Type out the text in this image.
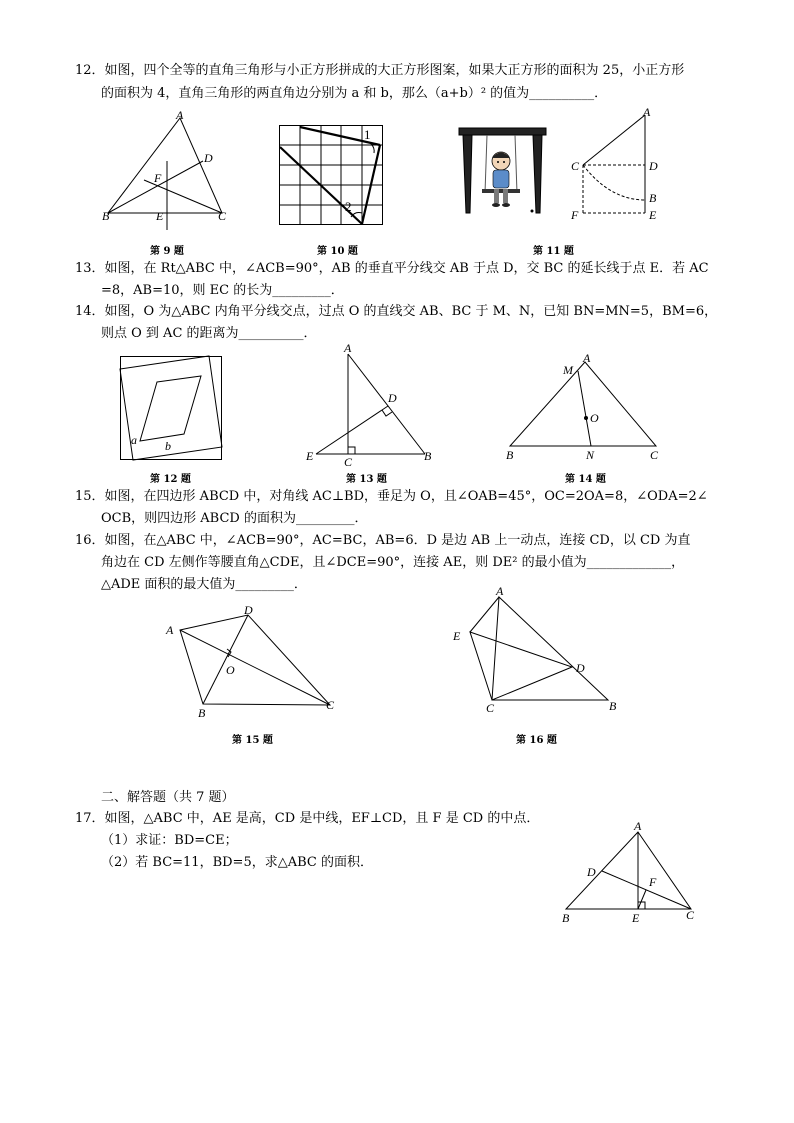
12．如图，四个全等的直角三角形与小正方形拼成的大正方形图案，如果大正方形的面积为 25，小正方形
的面积为 4，直角三角形的两直角边分别为 a 和 b，那么（a+b）² 的值为__________．
A
D
F
B	E	C
第 9 题
1
2
第 10 题
A
C	D
B
F	E
第 11 题
13．如图，在 Rt△ABC 中，∠ACB=90°，AB 的垂直平分线交 AB 于点 D，交 BC 的延长线于点 E．若 AC
=8，AB=10，则 EC 的长为_________．
14．如图，O 为△ABC 内角平分线交点，过点 O 的直线交 AB、BC 于 M、N，已知 BN=MN=5，BM=6，
则点 O 到 AC 的距离为__________．
a b
第 12 题
A
D
E	C	B
第 13 题
M
A
O
B	N	C
第 14 题
15．如图，在四边形 ABCD 中，对角线 AC⊥BD，垂足为 O，且∠OAB=45°，OC=2OA=8，∠ODA=2∠
OCB，则四边形 ABCD 的面积为_________．
16．如图，在△ABC 中，∠ACB=90°，AC=BC，AB=6．D 是边 AB 上一动点，连接 CD，以 CD 为直
角边在 CD 左侧作等腰直角△CDE，且∠DCE=90°，连接 AE，则 DE² 的最小值为_____________，
△ADE 面积的最大值为_________．
D
A
O
B
C
第 15 题
A
E
D
C	B
第 16 题
二、解答题（共 7 题）
17．如图，△ABC 中，AE 是高，CD 是中线，EF⊥CD，且 F 是 CD 的中点．
（1）求证：BD=CE；
（2）若 BC=11，BD=5，求△ABC 的面积．
A
D
F
B	E	C
